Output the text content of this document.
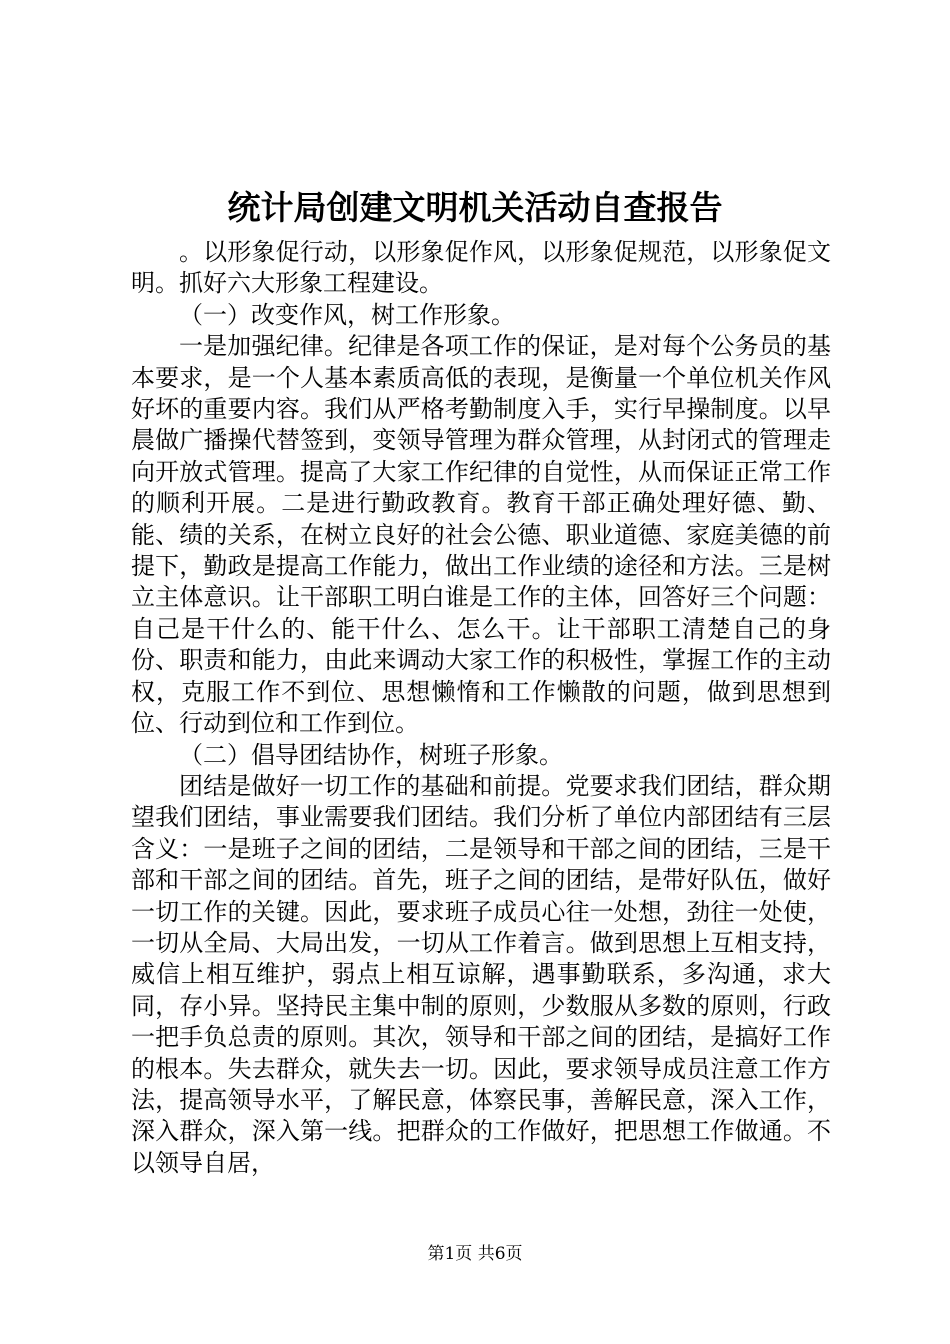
统计局创建文明机关活动自查报告

。以形象促行动，以形象促作风，以形象促规范，以形象促文明。抓好六大形象工程建设。

（一）改变作风，树工作形象。

一是加强纪律。纪律是各项工作的保证，是对每个公务员的基本要求，是一个人基本素质高低的表现，是衡量一个单位机关作风好坏的重要内容。我们从严格考勤制度入手，实行早操制度。以早晨做广播操代替签到，变领导管理为群众管理，从封闭式的管理走向开放式管理。提高了大家工作纪律的自觉性，从而保证正常工作的顺利开展。二是进行勤政教育。教育干部正确处理好德、勤、能、绩的关系，在树立良好的社会公德、职业道德、家庭美德的前提下，勤政是提高工作能力，做出工作业绩的途径和方法。三是树立主体意识。让干部职工明白谁是工作的主体，回答好三个问题：自己是干什么的、能干什么、怎么干。让干部职工清楚自己的身份、职责和能力，由此来调动大家工作的积极性，掌握工作的主动权，克服工作不到位、思想懒惰和工作懒散的问题，做到思想到位、行动到位和工作到位。

（二）倡导团结协作，树班子形象。

团结是做好一切工作的基础和前提。党要求我们团结，群众期望我们团结，事业需要我们团结。我们分析了单位内部团结有三层含义：一是班子之间的团结，二是领导和干部之间的团结，三是干部和干部之间的团结。首先，班子之间的团结，是带好队伍，做好一切工作的关键。因此，要求班子成员心往一处想，劲往一处使，一切从全局、大局出发，一切从工作着言。做到思想上互相支持，威信上相互维护，弱点上相互谅解，遇事勤联系，多沟通，求大同，存小异。坚持民主集中制的原则，少数服从多数的原则，行政一把手负总责的原则。其次，领导和干部之间的团结，是搞好工作的根本。失去群众，就失去一切。因此，要求领导成员注意工作方法，提高领导水平，了解民意，体察民事，善解民意，深入工作，深入群众，深入第一线。把群众的工作做好，把思想工作做通。不以领导自居，

第1页 共6页
